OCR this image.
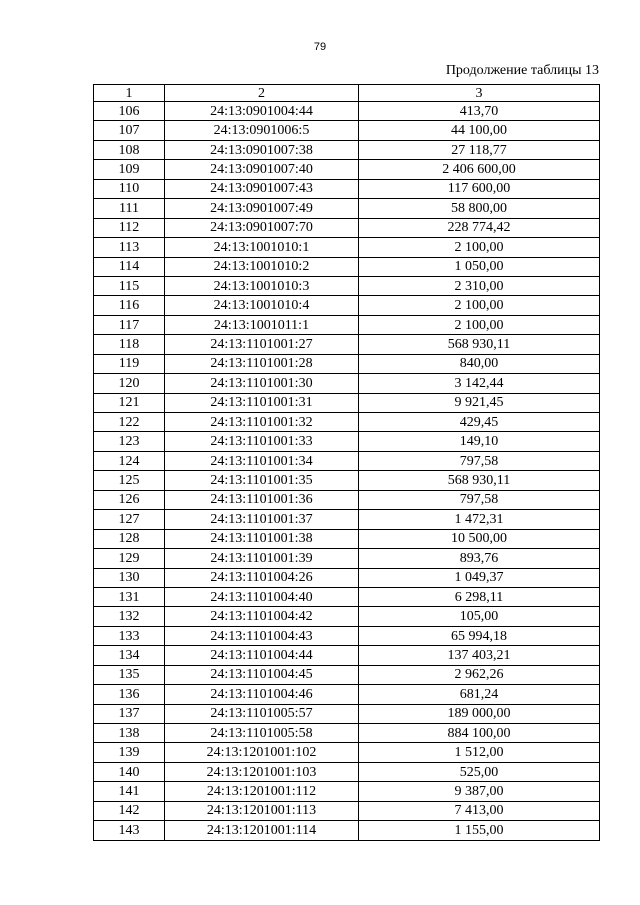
79
Продолжение таблицы 13
1	2	3
106	24:13:0901004:44	413,70
107	24:13:0901006:5	44 100,00
108	24:13:0901007:38	27 118,77
109	24:13:0901007:40	2 406 600,00
110	24:13:0901007:43	117 600,00
111	24:13:0901007:49	58 800,00
112	24:13:0901007:70	228 774,42
113	24:13:1001010:1	2 100,00
114	24:13:1001010:2	1 050,00
115	24:13:1001010:3	2 310,00
116	24:13:1001010:4	2 100,00
117	24:13:1001011:1	2 100,00
118	24:13:1101001:27	568 930,11
119	24:13:1101001:28	840,00
120	24:13:1101001:30	3 142,44
121	24:13:1101001:31	9 921,45
122	24:13:1101001:32	429,45
123	24:13:1101001:33	149,10
124	24:13:1101001:34	797,58
125	24:13:1101001:35	568 930,11
126	24:13:1101001:36	797,58
127	24:13:1101001:37	1 472,31
128	24:13:1101001:38	10 500,00
129	24:13:1101001:39	893,76
130	24:13:1101004:26	1 049,37
131	24:13:1101004:40	6 298,11
132	24:13:1101004:42	105,00
133	24:13:1101004:43	65 994,18
134	24:13:1101004:44	137 403,21
135	24:13:1101004:45	2 962,26
136	24:13:1101004:46	681,24
137	24:13:1101005:57	189 000,00
138	24:13:1101005:58	884 100,00
139	24:13:1201001:102	1 512,00
140	24:13:1201001:103	525,00
141	24:13:1201001:112	9 387,00
142	24:13:1201001:113	7 413,00
143	24:13:1201001:114	1 155,00
